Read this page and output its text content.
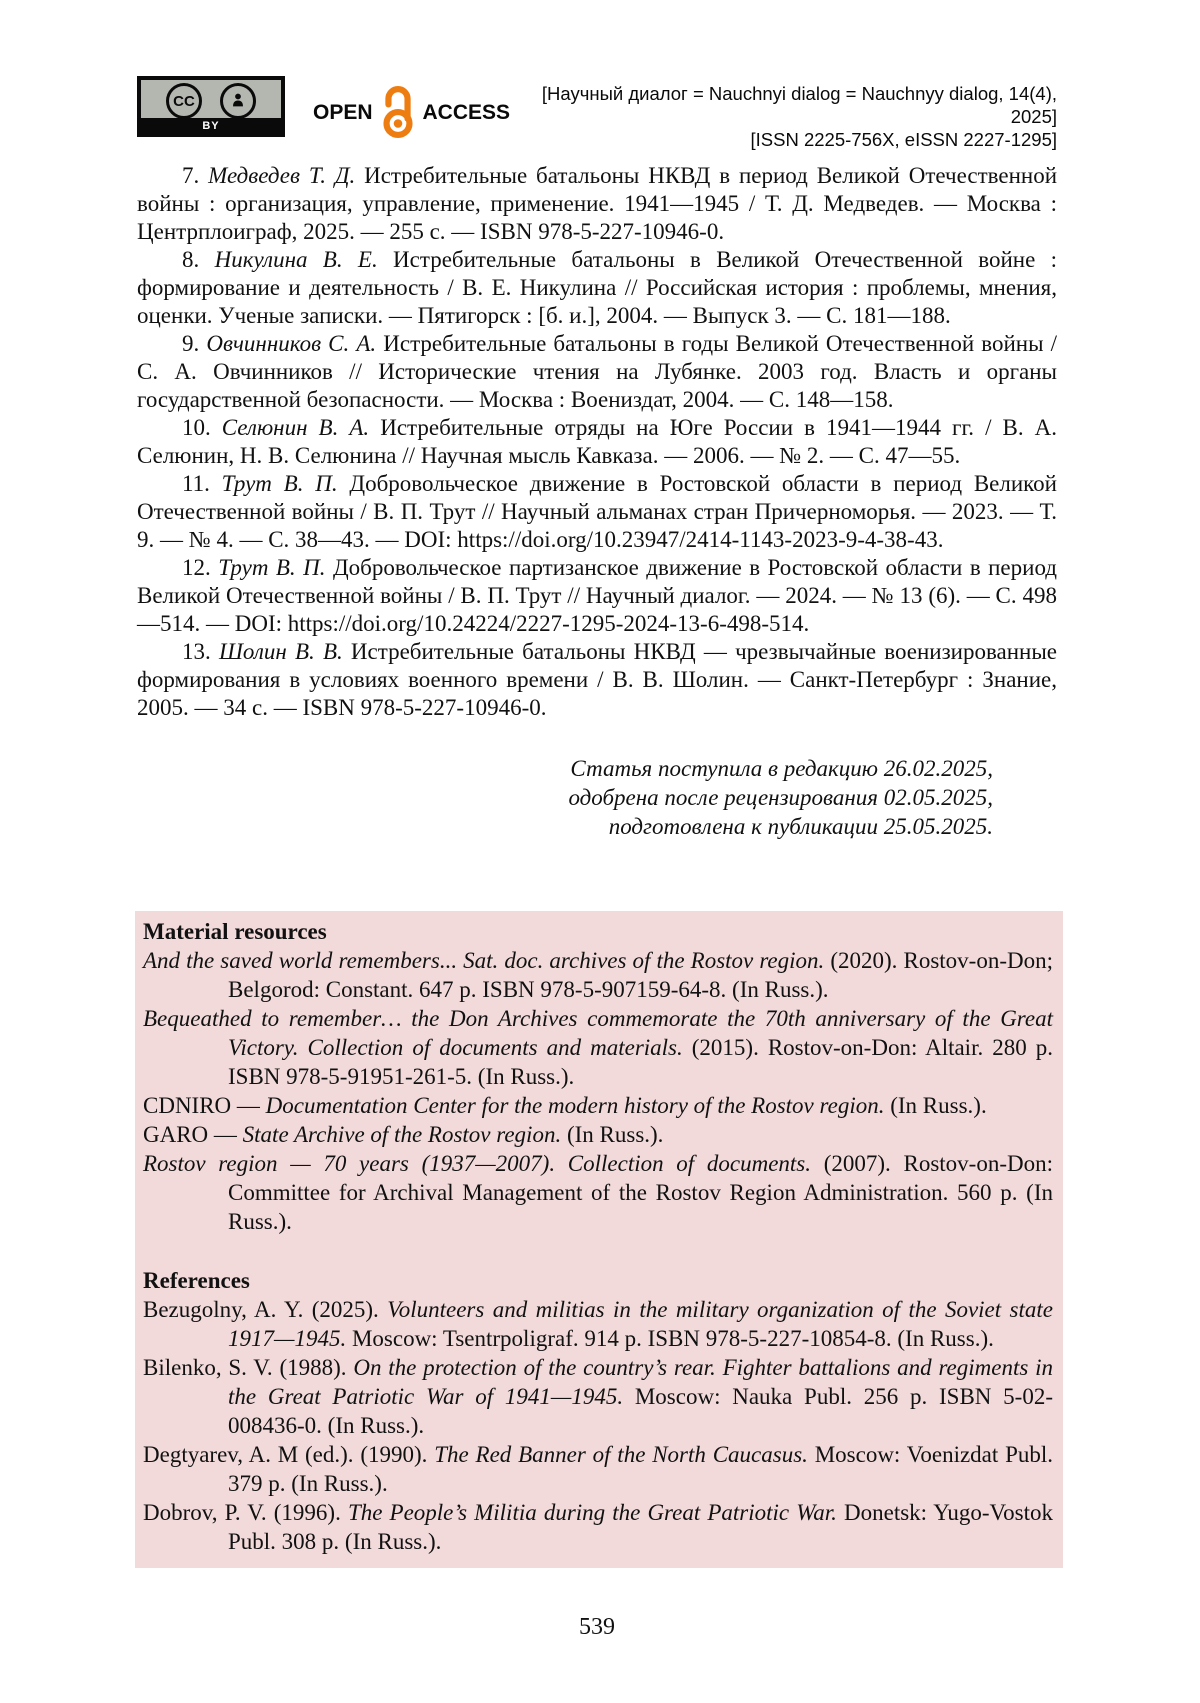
CC
BY
OPEN ACCESS
[Научный диалог = Nauchnyi dialog = Nauchnyy dialog, 14(4), 2025]
[ISSN 2225-756X, eISSN 2227-1295]

7. Медведев Т. Д. Истребительные батальоны НКВД в период Великой Отечественной войны : организация, управление, применение. 1941—1945 / Т. Д. Медведев. — Москва : Центрплоиграф, 2025. — 255 с. — ISBN 978-5-227-10946-0.

8. Никулина В. Е. Истребительные батальоны в Великой Отечественной войне : формирование и деятельность / В. Е. Никулина // Российская история : проблемы, мнения, оценки. Ученые записки. — Пятигорск : [б. и.], 2004. — Выпуск 3. — С. 181—188.

9. Овчинников С. А. Истребительные батальоны в годы Великой Отечественной войны / С. А. Овчинников // Исторические чтения на Лубянке. 2003 год. Власть и органы государственной безопасности. — Москва : Воениздат, 2004. — С. 148—158.

10. Селюнин В. А. Истребительные отряды на Юге России в 1941—1944 гг. / В. А. Селюнин, Н. В. Селюнина // Научная мысль Кавказа. — 2006. — № 2. — С. 47—55.

11. Трут В. П. Добровольческое движение в Ростовской области в период Великой Отечественной войны / В. П. Трут // Научный альманах стран Причерноморья. — 2023. — Т. 9. — № 4. — С. 38—43. — DOI: https://doi.org/10.23947/2414-1143-2023-9-4-38-43.

12. Трут В. П. Добровольческое партизанское движение в Ростовской области в период Великой Отечественной войны / В. П. Трут // Научный диалог. — 2024. — № 13 (6). — С. 498—514. — DOI: https://doi.org/10.24224/2227-1295-2024-13-6-498-514.

13. Шолин В. В. Истребительные батальоны НКВД — чрезвычайные военизированные формирования в условиях военного времени / В. В. Шолин. — Санкт-Петербург : Знание, 2005. — 34 с. — ISBN 978-5-227-10946-0.

Статья поступила в редакцию 26.02.2025,
одобрена после рецензирования 02.05.2025,
подготовлена к публикации 25.05.2025.
Material resources

And the saved world remembers... Sat. doc. archives of the Rostov region. (2020). Rostov-on-Don; Belgorod: Constant. 647 p. ISBN 978-5-907159-64-8. (In Russ.).

Bequeathed to remember… the Don Archives commemorate the 70th anniversary of the Great Victory. Collection of documents and materials. (2015). Rostov-on-Don: Altair. 280 p. ISBN 978-5-91951-261-5. (In Russ.).

CDNIRO — Documentation Center for the modern history of the Rostov region. (In Russ.).

GARO — State Archive of the Rostov region. (In Russ.).

Rostov region — 70 years (1937—2007). Collection of documents. (2007). Rostov-on-Don: Committee for Archival Management of the Rostov Region Administration. 560 p. (In Russ.).

References

Bezugolny, A. Y. (2025). Volunteers and militias in the military organization of the Soviet state 1917—1945. Moscow: Tsentrpoligraf. 914 p. ISBN 978-5-227-10854-8. (In Russ.).

Bilenko, S. V. (1988). On the protection of the country’s rear. Fighter battalions and regiments in the Great Patriotic War of 1941—1945. Moscow: Nauka Publ. 256 p. ISBN 5-02-008436-0. (In Russ.).

Degtyarev, A. M (ed.). (1990). The Red Banner of the North Caucasus. Moscow: Voenizdat Publ. 379 p. (In Russ.).

Dobrov, P. V. (1996). The People’s Militia during the Great Patriotic War. Donetsk: Yugo-Vostok Publ. 308 p. (In Russ.).

539
